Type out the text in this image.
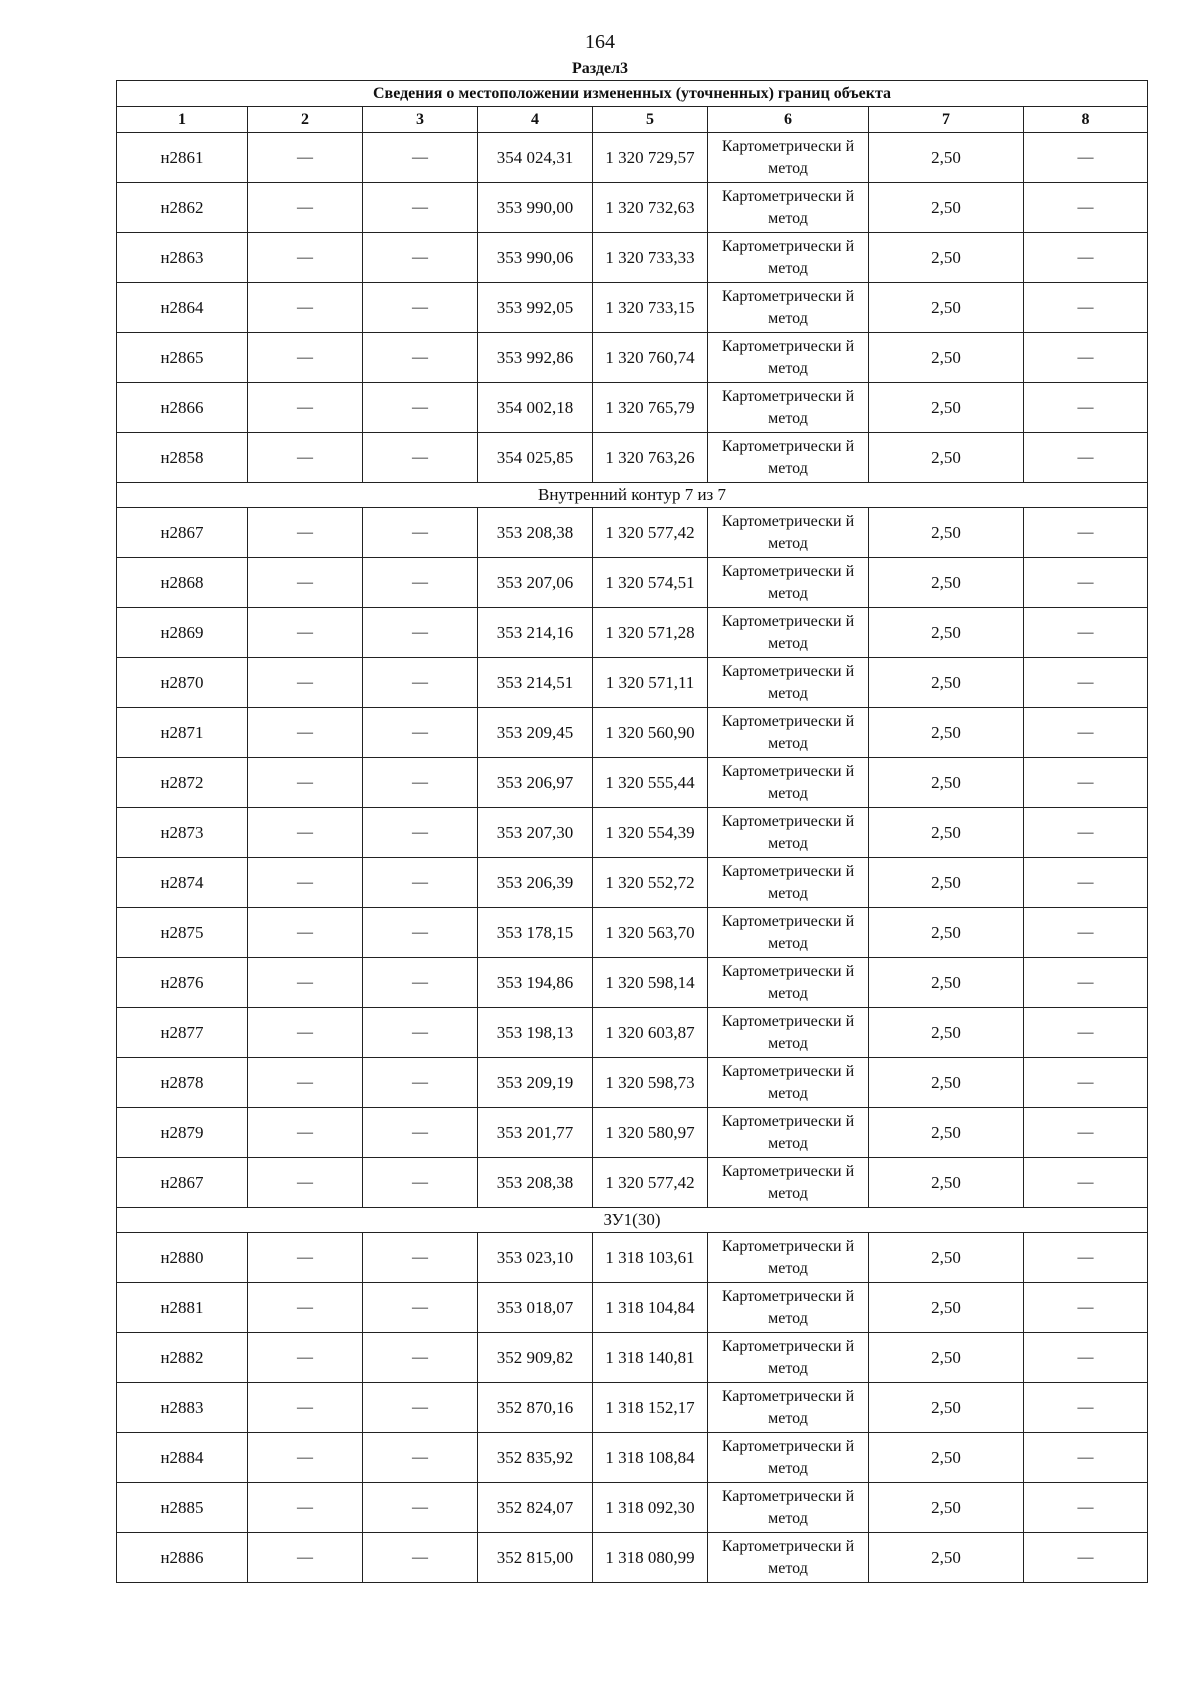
164
Раздел3
Сведения о местоположении измененных (уточненных) границ объекта							
1	2	3	4	5	6	7	8
н2861	—	—	354 024,31	1 320 729,57	Картометрически й метод	2,50	—
н2862	—	—	353 990,00	1 320 732,63	Картометрически й метод	2,50	—
н2863	—	—	353 990,06	1 320 733,33	Картометрически й метод	2,50	—
н2864	—	—	353 992,05	1 320 733,15	Картометрически й метод	2,50	—
н2865	—	—	353 992,86	1 320 760,74	Картометрически й метод	2,50	—
н2866	—	—	354 002,18	1 320 765,79	Картометрически й метод	2,50	—
н2858	—	—	354 025,85	1 320 763,26	Картометрически й метод	2,50	—
Внутренний контур 7 из 7							
н2867	—	—	353 208,38	1 320 577,42	Картометрически й метод	2,50	—
н2868	—	—	353 207,06	1 320 574,51	Картометрически й метод	2,50	—
н2869	—	—	353 214,16	1 320 571,28	Картометрически й метод	2,50	—
н2870	—	—	353 214,51	1 320 571,11	Картометрически й метод	2,50	—
н2871	—	—	353 209,45	1 320 560,90	Картометрически й метод	2,50	—
н2872	—	—	353 206,97	1 320 555,44	Картометрически й метод	2,50	—
н2873	—	—	353 207,30	1 320 554,39	Картометрически й метод	2,50	—
н2874	—	—	353 206,39	1 320 552,72	Картометрически й метод	2,50	—
н2875	—	—	353 178,15	1 320 563,70	Картометрически й метод	2,50	—
н2876	—	—	353 194,86	1 320 598,14	Картометрически й метод	2,50	—
н2877	—	—	353 198,13	1 320 603,87	Картометрически й метод	2,50	—
н2878	—	—	353 209,19	1 320 598,73	Картометрически й метод	2,50	—
н2879	—	—	353 201,77	1 320 580,97	Картометрически й метод	2,50	—
н2867	—	—	353 208,38	1 320 577,42	Картометрически й метод	2,50	—
ЗУ1(30)							
н2880	—	—	353 023,10	1 318 103,61	Картометрически й метод	2,50	—
н2881	—	—	353 018,07	1 318 104,84	Картометрически й метод	2,50	—
н2882	—	—	352 909,82	1 318 140,81	Картометрически й метод	2,50	—
н2883	—	—	352 870,16	1 318 152,17	Картометрически й метод	2,50	—
н2884	—	—	352 835,92	1 318 108,84	Картометрически й метод	2,50	—
н2885	—	—	352 824,07	1 318 092,30	Картометрически й метод	2,50	—
н2886	—	—	352 815,00	1 318 080,99	Картометрически й метод	2,50	—
